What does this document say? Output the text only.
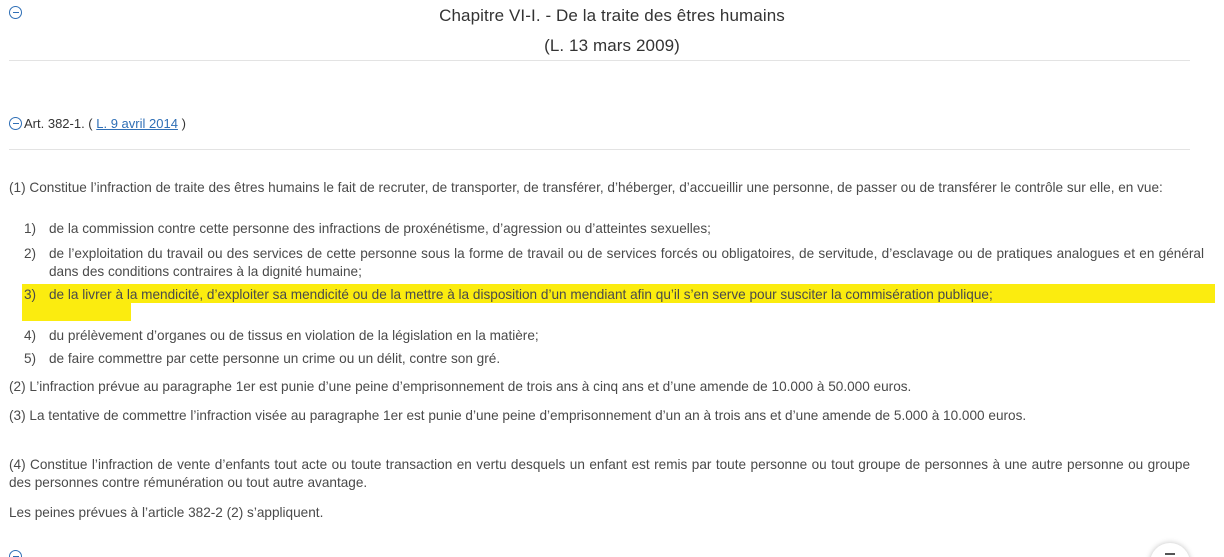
Chapitre VI-I. - De la traite des êtres humains
(L. 13 mars 2009)
Art. 382-1. ( L. 9 avril 2014 )

(1) Constitue l’infraction de traite des êtres humains le fait de recruter, de transporter, de transférer, d’héberger, d’accueillir une personne, de passer ou de transférer le contrôle sur elle, en vue:

1) de la commission contre cette personne des infractions de proxénétisme, d’agression ou d’atteintes sexuelles;
2) de l’exploitation du travail ou des services de cette personne sous la forme de travail ou de services forcés ou obligatoires, de servitude, d’esclavage ou de pratiques analogues et en général dans des conditions contraires à la dignité humaine;
3) de la livrer à la mendicité, d’exploiter sa mendicité ou de la mettre à la disposition d’un mendiant afin qu’il s’en serve pour susciter la commisération publique;
4) du prélèvement d’organes ou de tissus en violation de la législation en la matière;
5) de faire commettre par cette personne un crime ou un délit, contre son gré.

(2) L’infraction prévue au paragraphe 1er est punie d’une peine d’emprisonnement de trois ans à cinq ans et d’une amende de 10.000 à 50.000 euros.

(3) La tentative de commettre l’infraction visée au paragraphe 1er est punie d’une peine d’emprisonnement d’un an à trois ans et d’une amende de 5.000 à 10.000 euros.

(4) Constitue l’infraction de vente d’enfants tout acte ou toute transaction en vertu desquels un enfant est remis par toute personne ou tout groupe de personnes à une autre personne ou groupe des personnes contre rémunération ou tout autre avantage.

Les peines prévues à l’article 382-2 (2) s’appliquent.
